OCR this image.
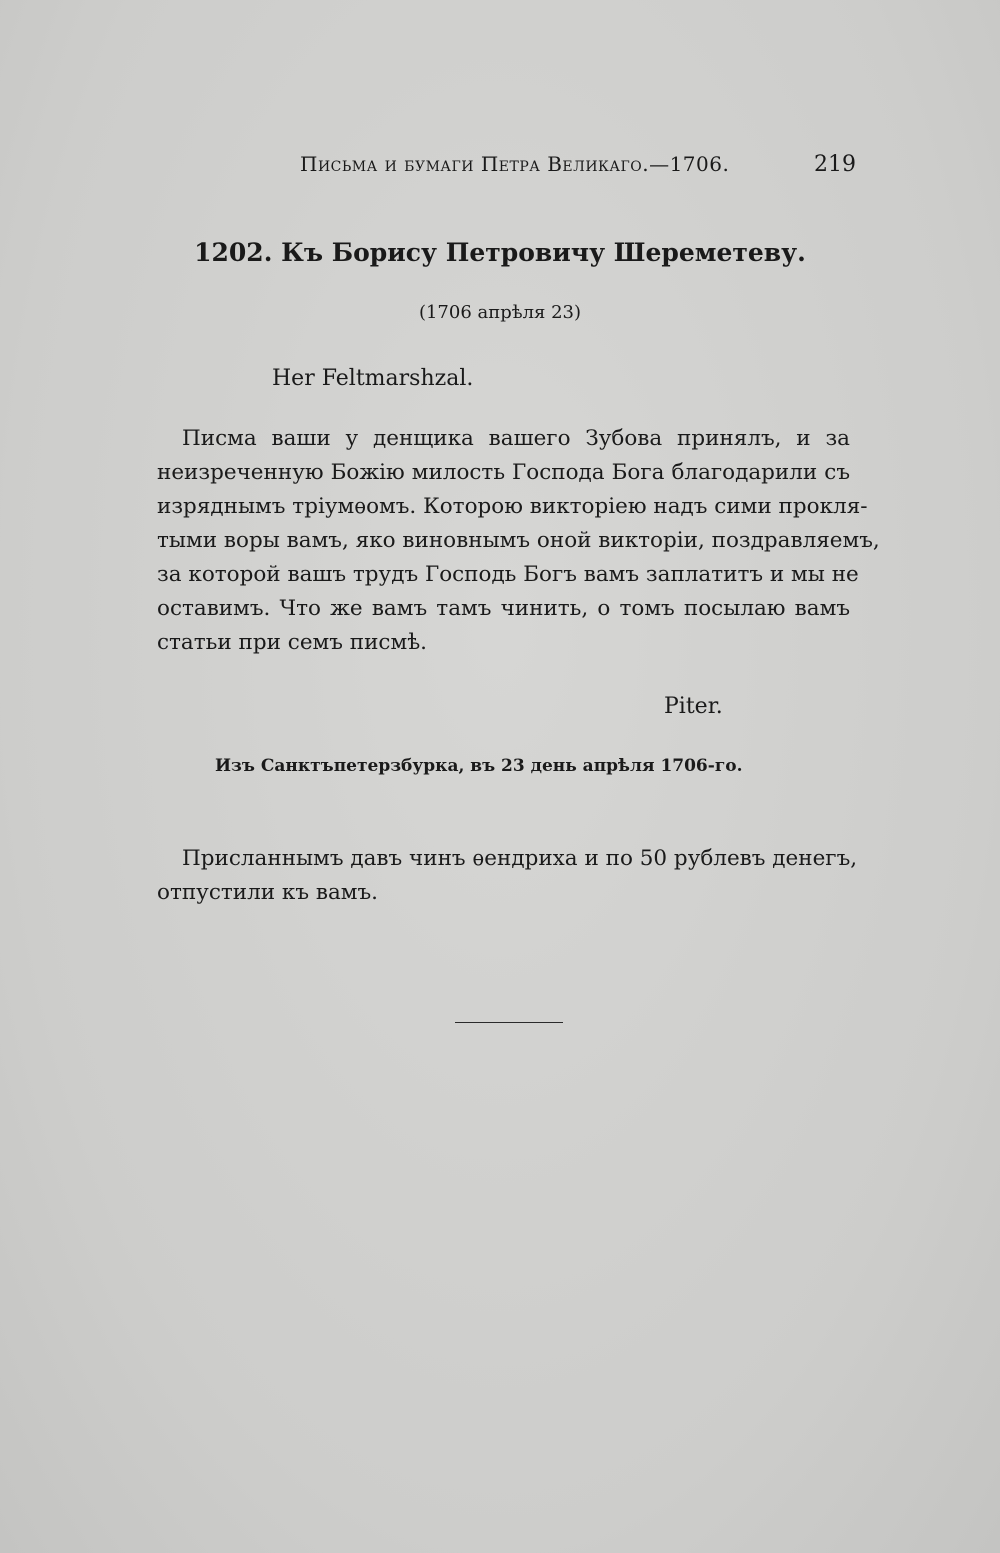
Письма и бумаги Петра Великаго.—1706.	219
1202. Къ Борису Петровичу Шереметеву.
(1706 апрѣля 23)
Her Feltmarshzal.
Писма ваши у денщика вашего Зубова принялъ, и за
неизреченную Божію милость Господа Бога благодарили съ
изряднымъ тріумѳомъ. Которою викторіею надъ сими прокля-
тыми воры вамъ, яко виновнымъ оной викторіи, поздравляемъ,
за которой вашъ трудъ Господь Богъ вамъ заплатитъ и мы не
оставимъ. Что же вамъ тамъ чинить, о томъ посылаю вамъ
статьи при семъ писмѣ.
Piter.
Изъ Санктъпетерзбурка, въ 23 день апрѣля 1706-го.
Присланнымъ давъ чинъ ѳендриха и по 50 рублевъ денегъ,
отпустили къ вамъ.
